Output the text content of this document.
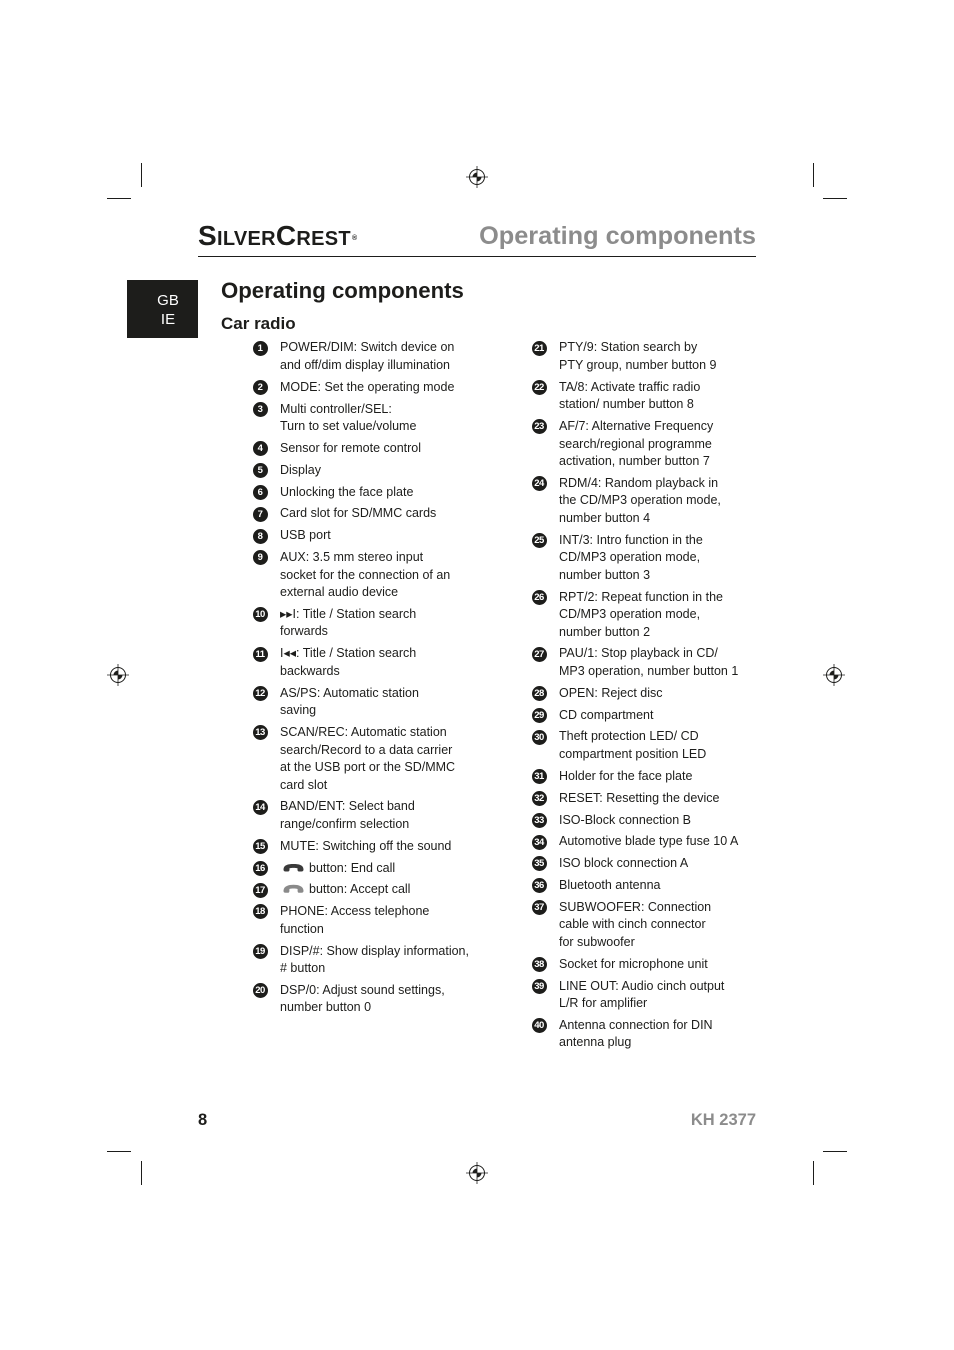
SilverCrest®	Operating components
GB
IE
Operating components
Car radio
1	POWER/DIM: Switch device on
and off/dim display illumination
2	MODE: Set the operating mode
3	Multi controller/SEL:
Turn to set value/volume
4	Sensor for remote control
5	Display
6	Unlocking the face plate
7	Card slot for SD/MMC cards
8	USB port
9	AUX: 3.5 mm stereo input
socket for the connection of an
external audio device
10 ▸▸I: Title / Station search
forwards
11 I◂◂: Title / Station search
backwards
12 AS/PS: Automatic station
saving
13 SCAN/REC: Automatic station
search/Record to a data carrier
at the USB port or the SD/MMC
card slot
14 BAND/ENT: Select band
range/confirm selection
15 MUTE: Switching off the sound
16	button: End call
17	button: Accept call
18 PHONE: Access telephone
function
19 DISP/#: Show display information,
# button
20 DSP/0: Adjust sound settings,
number button 0
21 PTY/9: Station search by
PTY group, number button 9
22 TA/8: Activate traffic radio
station/ number button 8
23 AF/7: Alternative Frequency
search/regional programme
activation, number button 7
24 RDM/4: Random playback in
the CD/MP3 operation mode,
number button 4
25 INT/3: Intro function in the
CD/MP3 operation mode,
number button 3
26 RPT/2: Repeat function in the
CD/MP3 operation mode,
number button 2
27 PAU/1: Stop playback in CD/
MP3 operation, number button 1
28 OPEN: Reject disc
29 CD compartment
30 Theft protection LED/ CD
compartment position LED
31 Holder for the face plate
32 RESET: Resetting the device
33 ISO-Block connection B
34 Automotive blade type fuse 10 A
35 ISO block connection A
36 Bluetooth antenna
37 SUBWOOFER: Connection
cable with cinch connector
for subwoofer
38 Socket for microphone unit
39 LINE OUT: Audio cinch output
L/R for amplifier
40 Antenna connection for DIN
antenna plug
8	KH 2377
